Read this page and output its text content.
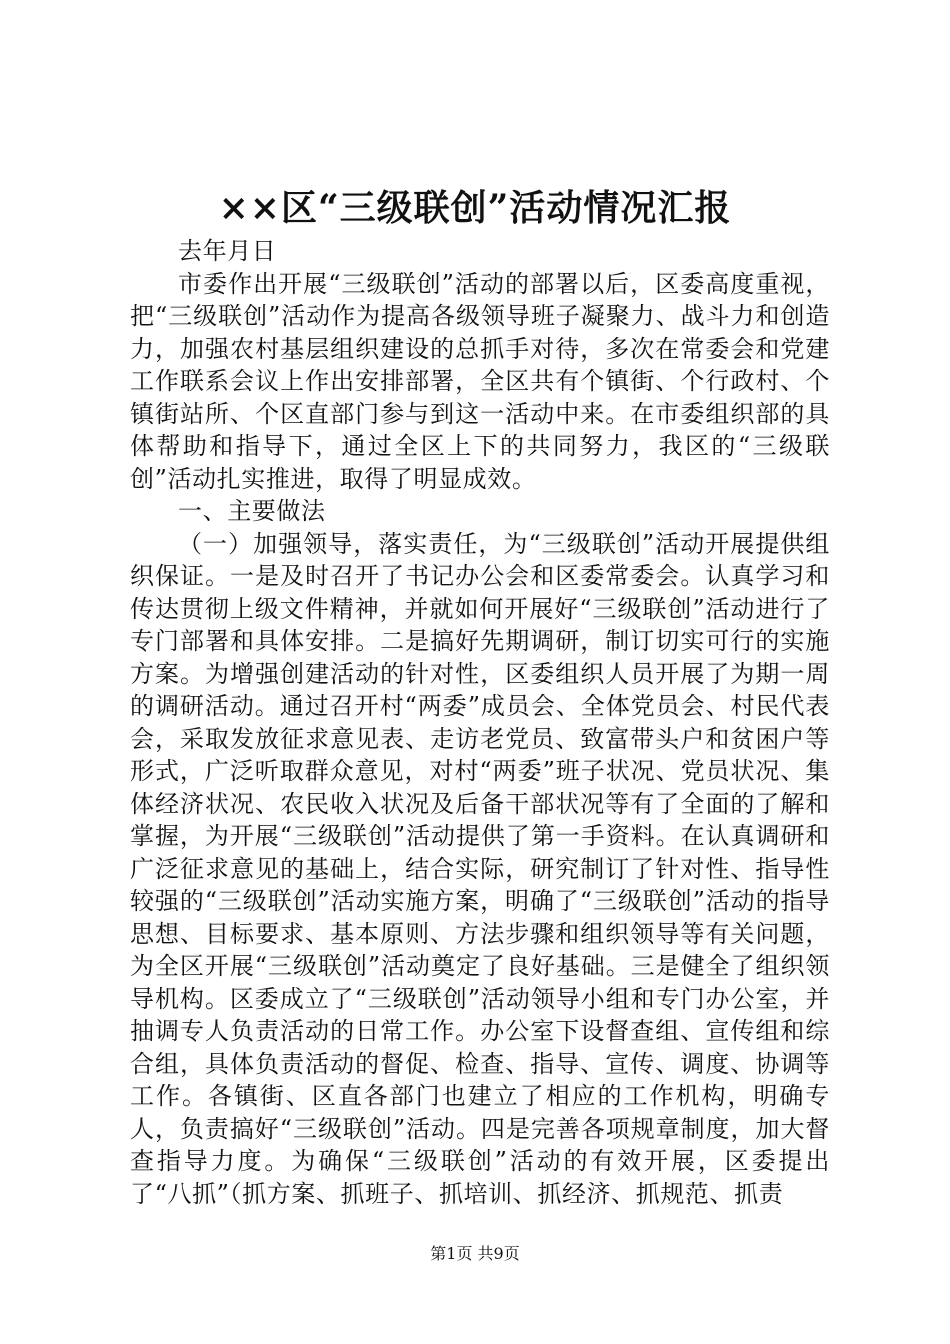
××区“三级联创”活动情况汇报

去年月日

市委作出开展“三级联创”活动的部署以后，区委高度重视，把“三级联创”活动作为提高各级领导班子凝聚力、战斗力和创造力，加强农村基层组织建设的总抓手对待，多次在常委会和党建工作联系会议上作出安排部署，全区共有个镇街、个行政村、个镇街站所、个区直部门参与到这一活动中来。在市委组织部的具体帮助和指导下，通过全区上下的共同努力，我区的“三级联创”活动扎实推进，取得了明显成效。

一、主要做法

（一）加强领导，落实责任，为“三级联创”活动开展提供组织保证。一是及时召开了书记办公会和区委常委会。认真学习和传达贯彻上级文件精神，并就如何开展好“三级联创”活动进行了专门部署和具体安排。二是搞好先期调研，制订切实可行的实施方案。为增强创建活动的针对性，区委组织人员开展了为期一周的调研活动。通过召开村“两委”成员会、全体党员会、村民代表会，采取发放征求意见表、走访老党员、致富带头户和贫困户等形式，广泛听取群众意见，对村“两委”班子状况、党员状况、集体经济状况、农民收入状况及后备干部状况等有了全面的了解和掌握，为开展“三级联创”活动提供了第一手资料。在认真调研和广泛征求意见的基础上，结合实际，研究制订了针对性、指导性较强的“三级联创”活动实施方案，明确了“三级联创”活动的指导思想、目标要求、基本原则、方法步骤和组织领导等有关问题，为全区开展“三级联创”活动奠定了良好基础。三是健全了组织领导机构。区委成立了“三级联创”活动领导小组和专门办公室，并抽调专人负责活动的日常工作。办公室下设督查组、宣传组和综合组，具体负责活动的督促、检查、指导、宣传、调度、协调等工作。各镇街、区直各部门也建立了相应的工作机构，明确专人，负责搞好“三级联创”活动。四是完善各项规章制度，加大督查指导力度。为确保“三级联创”活动的有效开展，区委提出了“八抓”（抓方案、抓班子、抓培训、抓经济、抓规范、抓责

第1页 共9页
